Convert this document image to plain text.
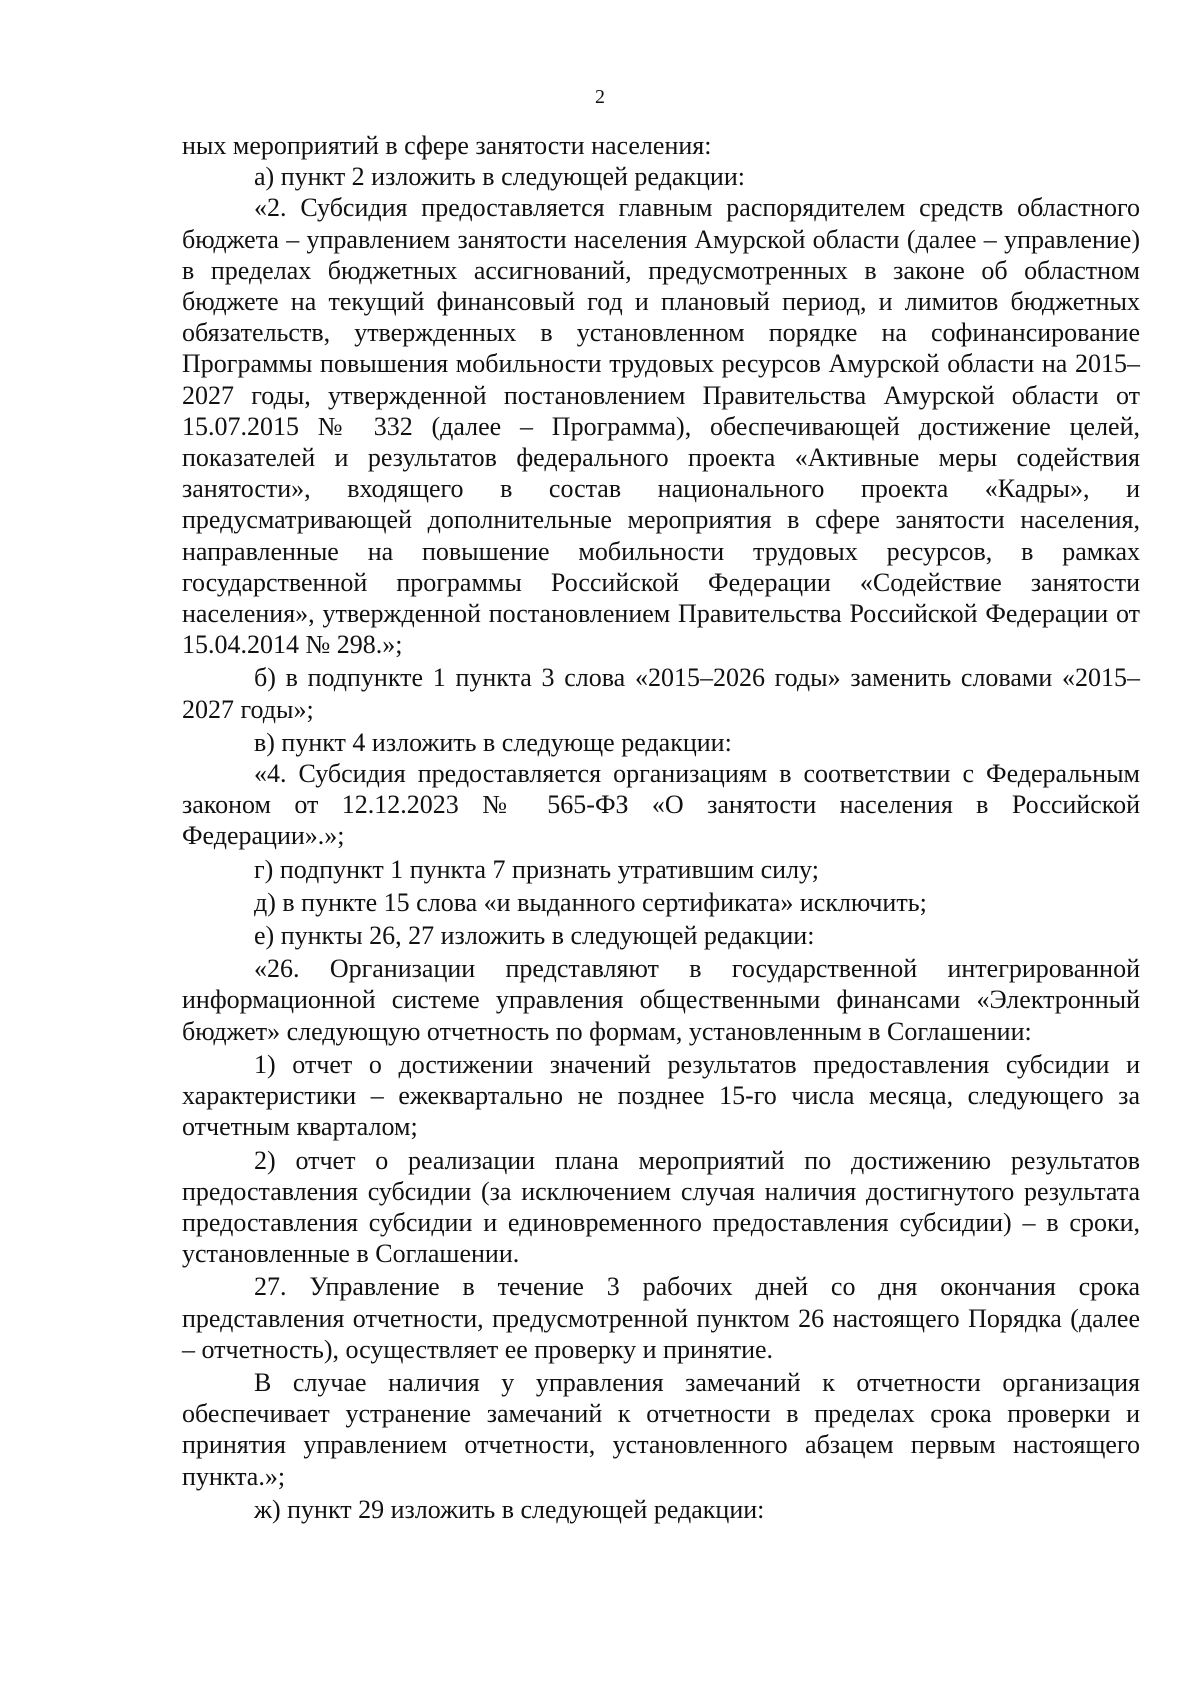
2

ных мероприятий в сфере занятости населения:

а) пункт 2 изложить в следующей редакции:

«2. Субсидия предоставляется главным распорядителем средств областного бюджета – управлением занятости населения Амурской области (далее – управление) в пределах бюджетных ассигнований, предусмотренных в законе об областном бюджете на текущий финансовый год и плановый период, и лимитов бюджетных обязательств, утвержденных в установленном порядке на софинансирование Программы повышения мобильности трудовых ресурсов Амурской области на 2015–2027 годы, утвержденной постановлением Правительства Амурской области от 15.07.2015 № 332 (далее – Программа), обеспечивающей достижение целей, показателей и результатов федерального проекта «Активные меры содействия занятости», входящего в состав национального проекта «Кадры», и предусматривающей дополнительные мероприятия в сфере занятости населения, направленные на повышение мобильности трудовых ресурсов, в рамках государственной программы Российской Федерации «Содействие занятости населения», утвержденной постановлением Правительства Российской Федерации от 15.04.2014 № 298.»;

б) в подпункте 1 пункта 3 слова «2015–2026 годы» заменить словами «2015–2027 годы»;

в) пункт 4 изложить в следующе редакции:

«4. Субсидия предоставляется организациям в соответствии с Федеральным законом от 12.12.2023 № 565-ФЗ «О занятости населения в Российской Федерации».»;

г) подпункт 1 пункта 7 признать утратившим силу;

д) в пункте 15 слова «и выданного сертификата» исключить;

е) пункты 26, 27 изложить в следующей редакции:

«26. Организации представляют в государственной интегрированной информационной системе управления общественными финансами «Электронный бюджет» следующую отчетность по формам, установленным в Соглашении:

1) отчет о достижении значений результатов предоставления субсидии и характеристики – ежеквартально не позднее 15-го числа месяца, следующего за отчетным кварталом;

2) отчет о реализации плана мероприятий по достижению результатов предоставления субсидии (за исключением случая наличия достигнутого результата предоставления субсидии и единовременного предоставления субсидии) – в сроки, установленные в Соглашении.

27. Управление в течение 3 рабочих дней со дня окончания срока представления отчетности, предусмотренной пунктом 26 настоящего Порядка (далее – отчетность), осуществляет ее проверку и принятие.

В случае наличия у управления замечаний к отчетности организация обеспечивает устранение замечаний к отчетности в пределах срока проверки и принятия управлением отчетности, установленного абзацем первым настоящего пункта.»;

ж) пункт 29 изложить в следующей редакции:
